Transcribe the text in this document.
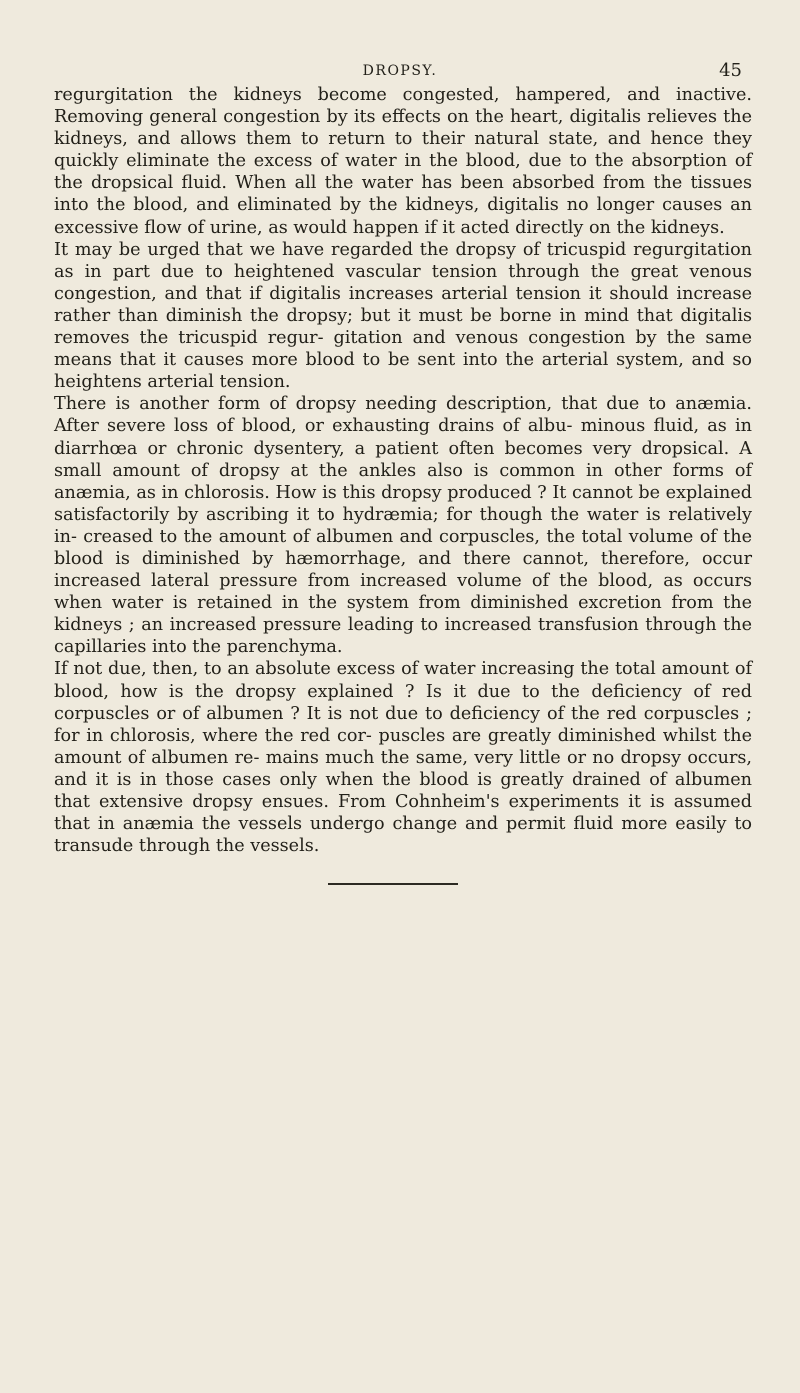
DROPSY.	45

regurgitation the kidneys become congested, hampered, and inactive. Removing general congestion by its effects on the heart, digitalis relieves the kidneys, and allows them to return to their natural state, and hence they quickly eliminate the excess of water in the blood, due to the absorption of the dropsical fluid. When all the water has been absorbed from the tissues into the blood, and eliminated by the kidneys, digitalis no longer causes an excessive flow of urine, as would happen if it acted directly on the kidneys.

It may be urged that we have regarded the dropsy of tricuspid regurgitation as in part due to heightened vascular tension through the great venous congestion, and that if digitalis increases arterial tension it should increase rather than diminish the dropsy; but it must be borne in mind that digitalis removes the tricuspid regur- gitation and venous congestion by the same means that it causes more blood to be sent into the arterial system, and so heightens arterial tension.

There is another form of dropsy needing description, that due to anæmia. After severe loss of blood, or exhausting drains of albu- minous fluid, as in diarrhœa or chronic dysentery, a patient often becomes very dropsical. A small amount of dropsy at the ankles also is common in other forms of anæmia, as in chlorosis. How is this dropsy produced ? It cannot be explained satisfactorily by ascribing it to hydræmia; for though the water is relatively in- creased to the amount of albumen and corpuscles, the total volume of the blood is diminished by hæmorrhage, and there cannot, therefore, occur increased lateral pressure from increased volume of the blood, as occurs when water is retained in the system from diminished excretion from the kidneys ; an increased pressure leading to increased transfusion through the capillaries into the parenchyma.

If not due, then, to an absolute excess of water increasing the total amount of blood, how is the dropsy explained ? Is it due to the deficiency of red corpuscles or of albumen ? It is not due to deficiency of the red corpuscles ; for in chlorosis, where the red cor- puscles are greatly diminished whilst the amount of albumen re- mains much the same, very little or no dropsy occurs, and it is in those cases only when the blood is greatly drained of albumen that extensive dropsy ensues. From Cohnheim's experiments it is assumed that in anæmia the vessels undergo change and permit fluid more easily to transude through the vessels.
